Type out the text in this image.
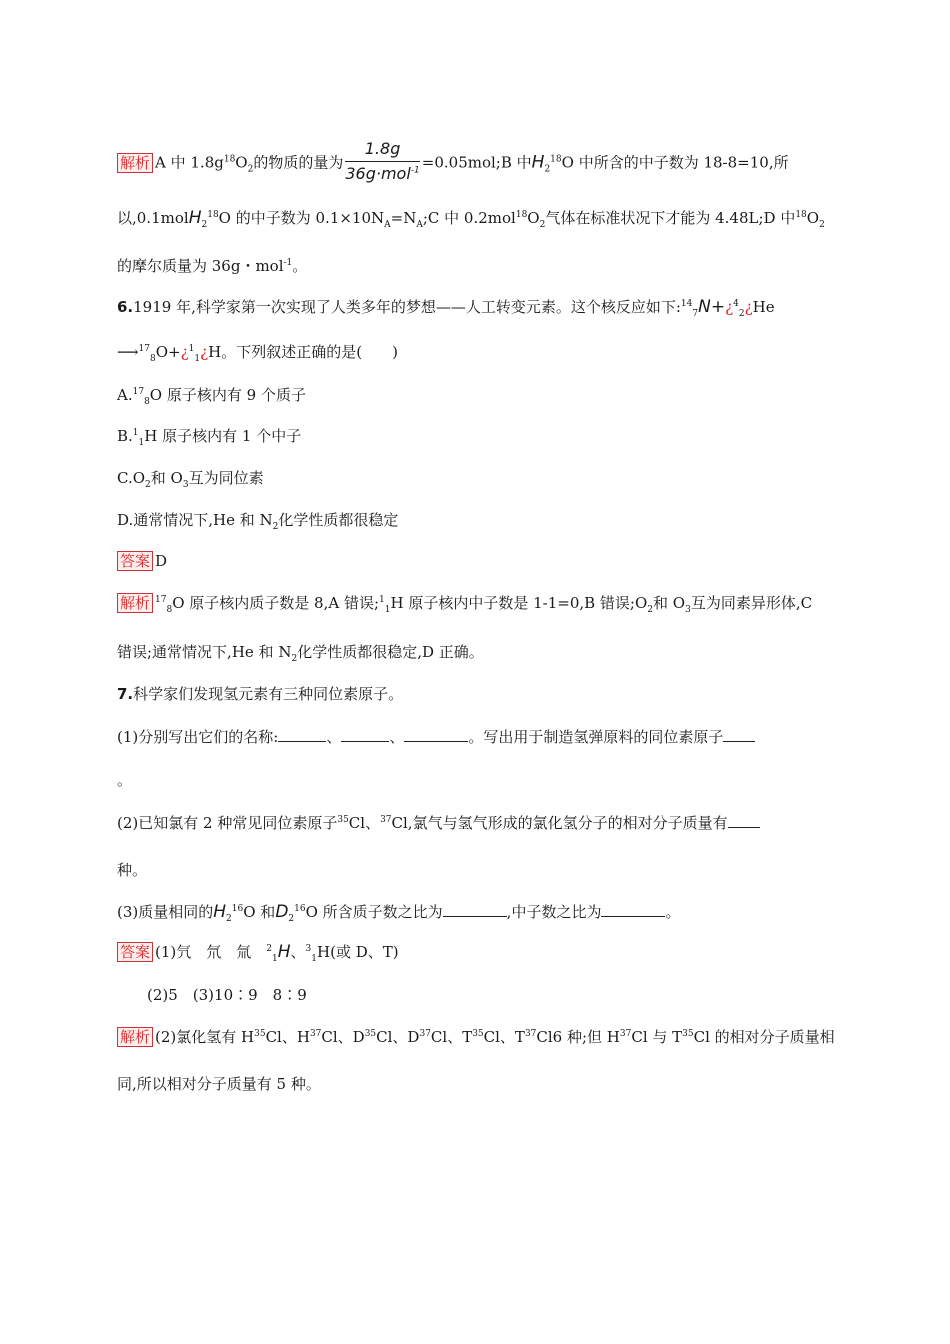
解析 A 中 $1.8g^{18}O_2$的物质的量为 $\frac{1.8g}{36g\cdot mol^{-1}}$ =0.05mol;B 中$H_2^{18}O$ 中所含的中子数为 18-8=10,所
以,0.1molH$_2^{18}$O 的中子数为 $0.1\times 10N_A=N_A;C$ 中 $0.2mol^{18}O_2$气体在标准状况下才能为 4.48L;D 中$^{18}O_2$
的摩尔质量为 36g・mol$^{-1}$。
6.1919 年,科学家第一次实现了人类多年的梦想——人工转变元素。这个核反应如下:$^{14}_7$N+¿$^4_2$¿He
⟶$^{17}_8$O+¿$^1_1$¿H。下列叙述正确的是(　　)
A.$^{17}_8$O 原子核内有 9 个质子
B.$^1_1$H 原子核内有 1 个中子
$C.O_2$和 $O_3$互为同位素
D.通常情况下,He 和 $N_2$化学性质都很稳定
答案 D
解析 $^{17}_8$O 原子核内质子数是 8,A 错误;$^1_1$H 原子核内中子数是 1-1=0,B 错误$;O_2$和 $O_3$互为同素异形体,C
错误;通常情况下,He 和 $N_2$化学性质都很稳定,D 正确。
7.科学家们发现氢元素有三种同位素原子。
(1)分别写出它们的名称:	、	、	。写出用于制造氢弹原料的同位素原子
。
(2)已知氯有 2 种常见同位素原子$^{35}$Cl、$^{37}$Cl,氯气与氢气形成的氯化氢分子的相对分子质量有
种。
(3)质量相同的$H_2^{16}O$ 和$D_2^{16}O$ 所含质子数之比为	,中子数之比为	。
答案 (1)氕　氘　氚　$^2_1$H、$^3_1$H(或 D、T)
(2)5　(3)10∶9　8∶9
解析 (2)氯化氢有 $H^{35}Cl$、$H^{37}Cl$、$D^{35}Cl$、$D^{37}Cl$、$T^{35}Cl$、$T^{37}Cl6$ 种;但 $H^{37}Cl$ 与 $T^{35}Cl$ 的相对分子质量相
同,所以相对分子质量有 5 种。
